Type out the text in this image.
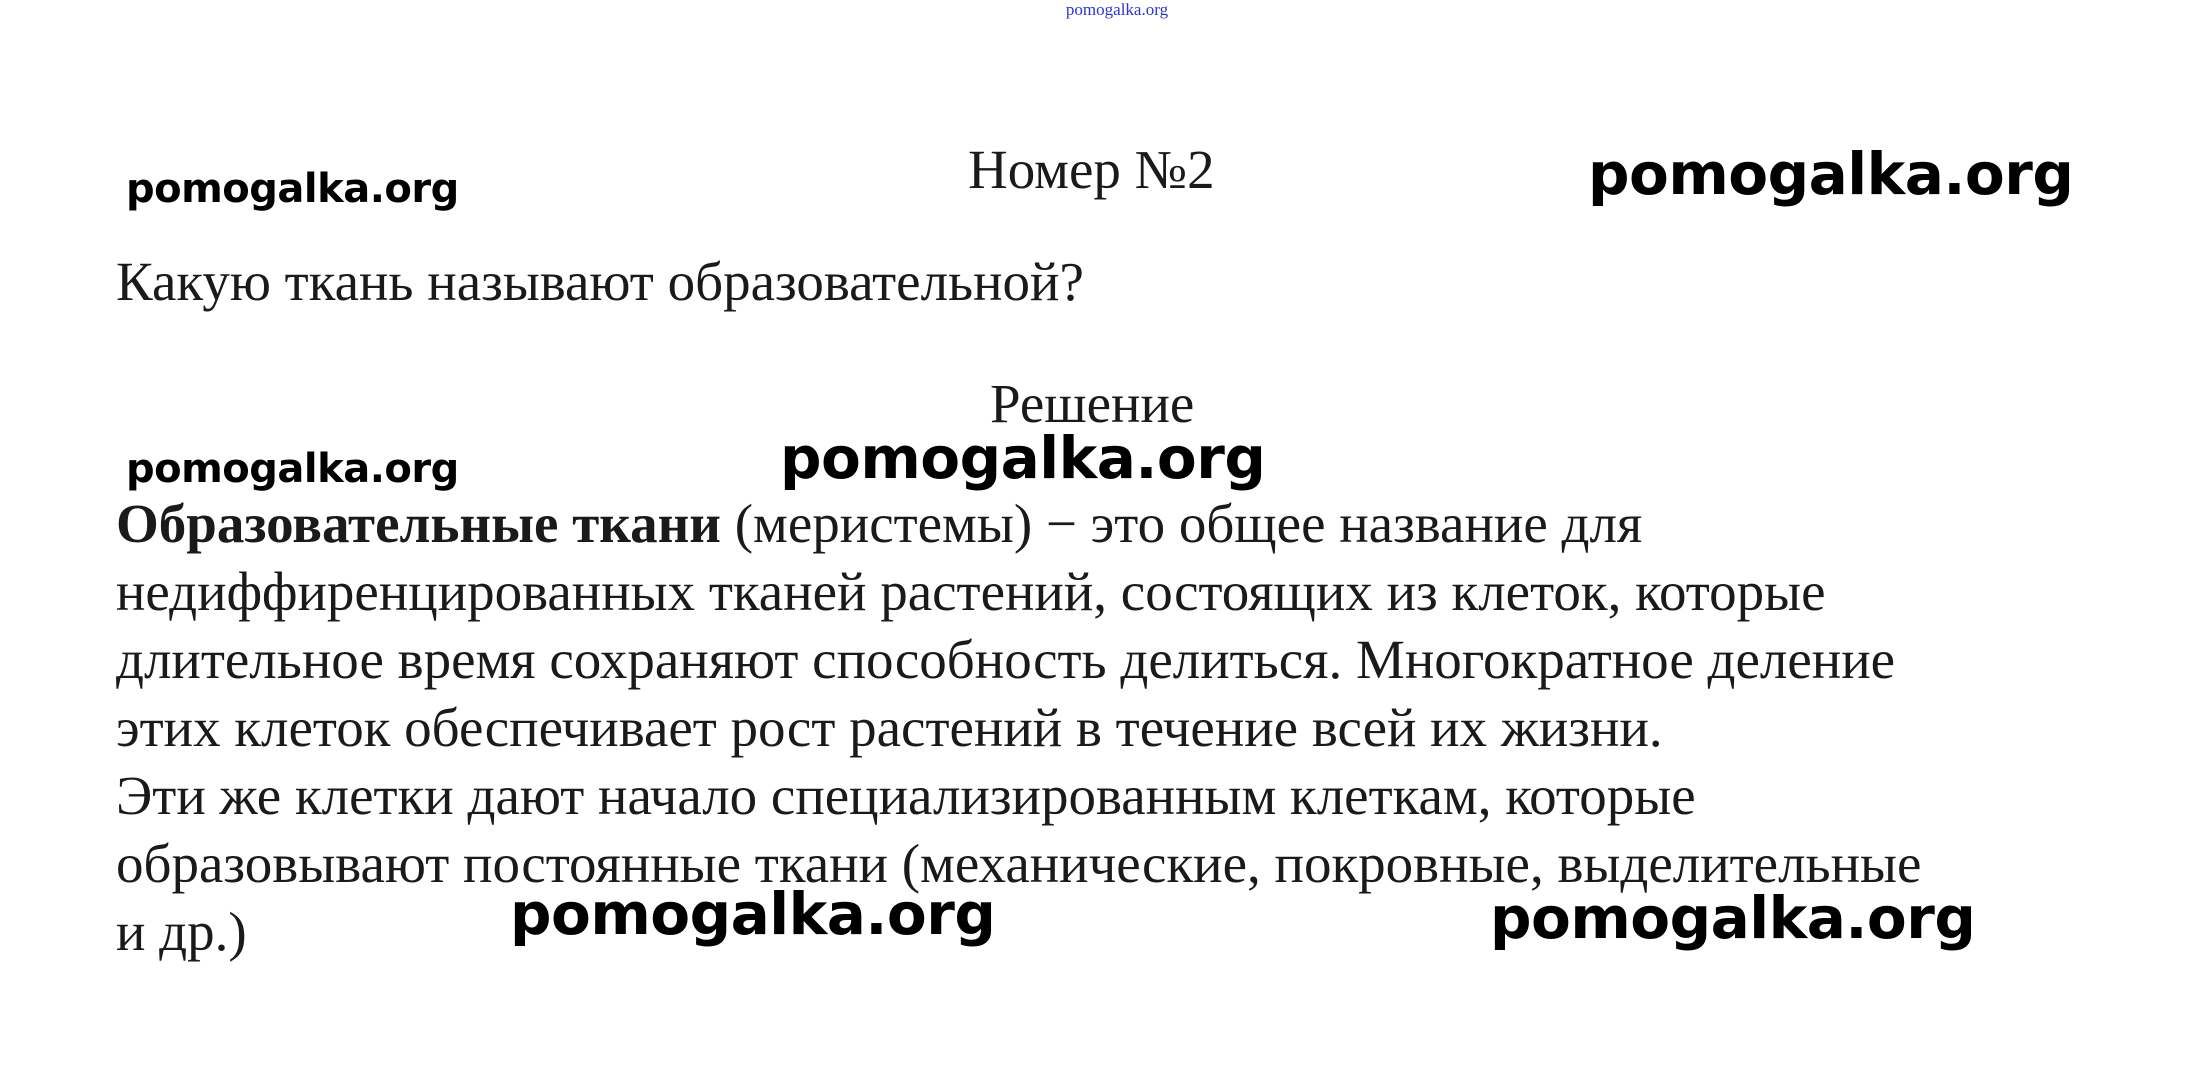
pomogalka.org
Номер №2
pomogalka.org	pomogalka.org
Какую ткань называют образовательной?
Решение
pomogalka.org	pomogalka.org
Образовательные ткани (меристемы) − это общее название для
недиффиренцированных тканей растений, состоящих из клеток, которые
длительное время сохраняют способность делиться. Многократное деление
этих клеток обеспечивает рост растений в течение всей их жизни.
Эти же клетки дают начало специализированным клеткам, которые
образовывают постоянные ткани (механические, покровные, выделительные
и др.)	pomogalka.org	pomogalka.org
